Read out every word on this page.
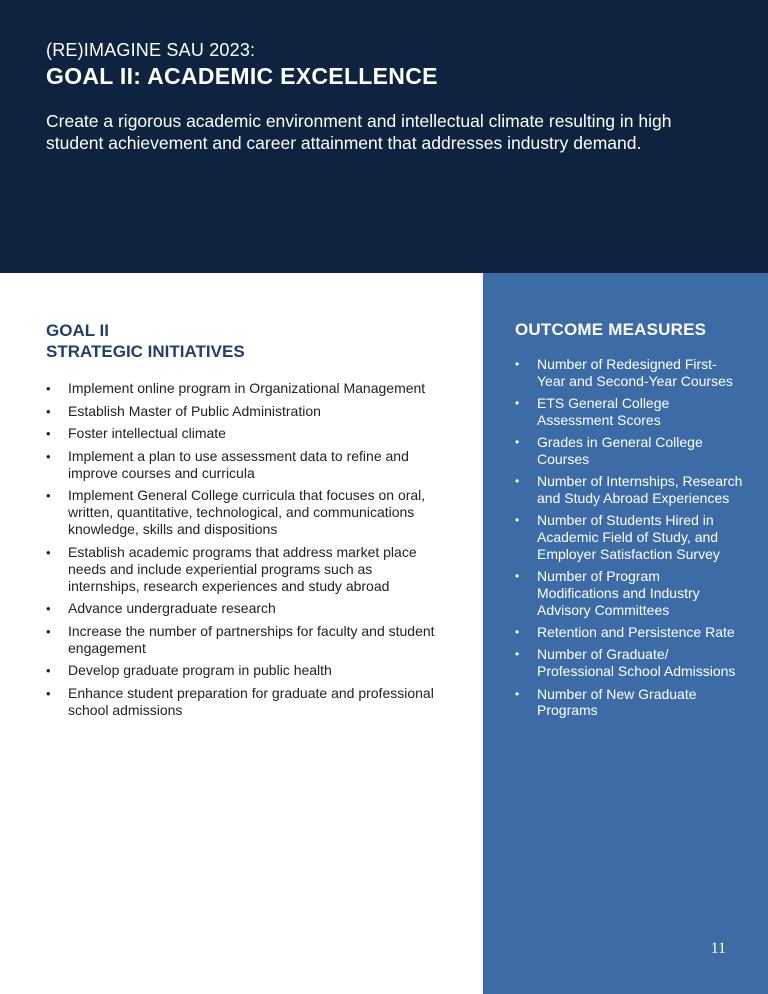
(RE)IMAGINE SAU 2023:
GOAL II: ACADEMIC EXCELLENCE

Create a rigorous academic environment and intellectual climate resulting in high student achievement and career attainment that addresses industry demand.

GOAL II
STRATEGIC INITIATIVES
• Implement online program in Organizational Management
• Establish Master of Public Administration
• Foster intellectual climate
• Implement a plan to use assessment data to refine and improve courses and curricula
• Implement General College curricula that focuses on oral, written, quantitative, technological, and communications knowledge, skills and dispositions
• Establish academic programs that address market place needs and include experiential programs such as internships, research experiences and study abroad
• Advance undergraduate research
• Increase the number of partnerships for faculty and student engagement
• Develop graduate program in public health
• Enhance student preparation for graduate and professional school admissions
OUTCOME MEASURES
• Number of Redesigned First-Year and Second-Year Courses
• ETS General College Assessment Scores
• Grades in General College Courses
• Number of Internships, Research and Study Abroad Experiences
• Number of Students Hired in Academic Field of Study, and Employer Satisfaction Survey
• Number of Program Modifications and Industry Advisory Committees
• Retention and Persistence Rate
• Number of Graduate/ Professional School Admissions
• Number of New Graduate Programs
11
